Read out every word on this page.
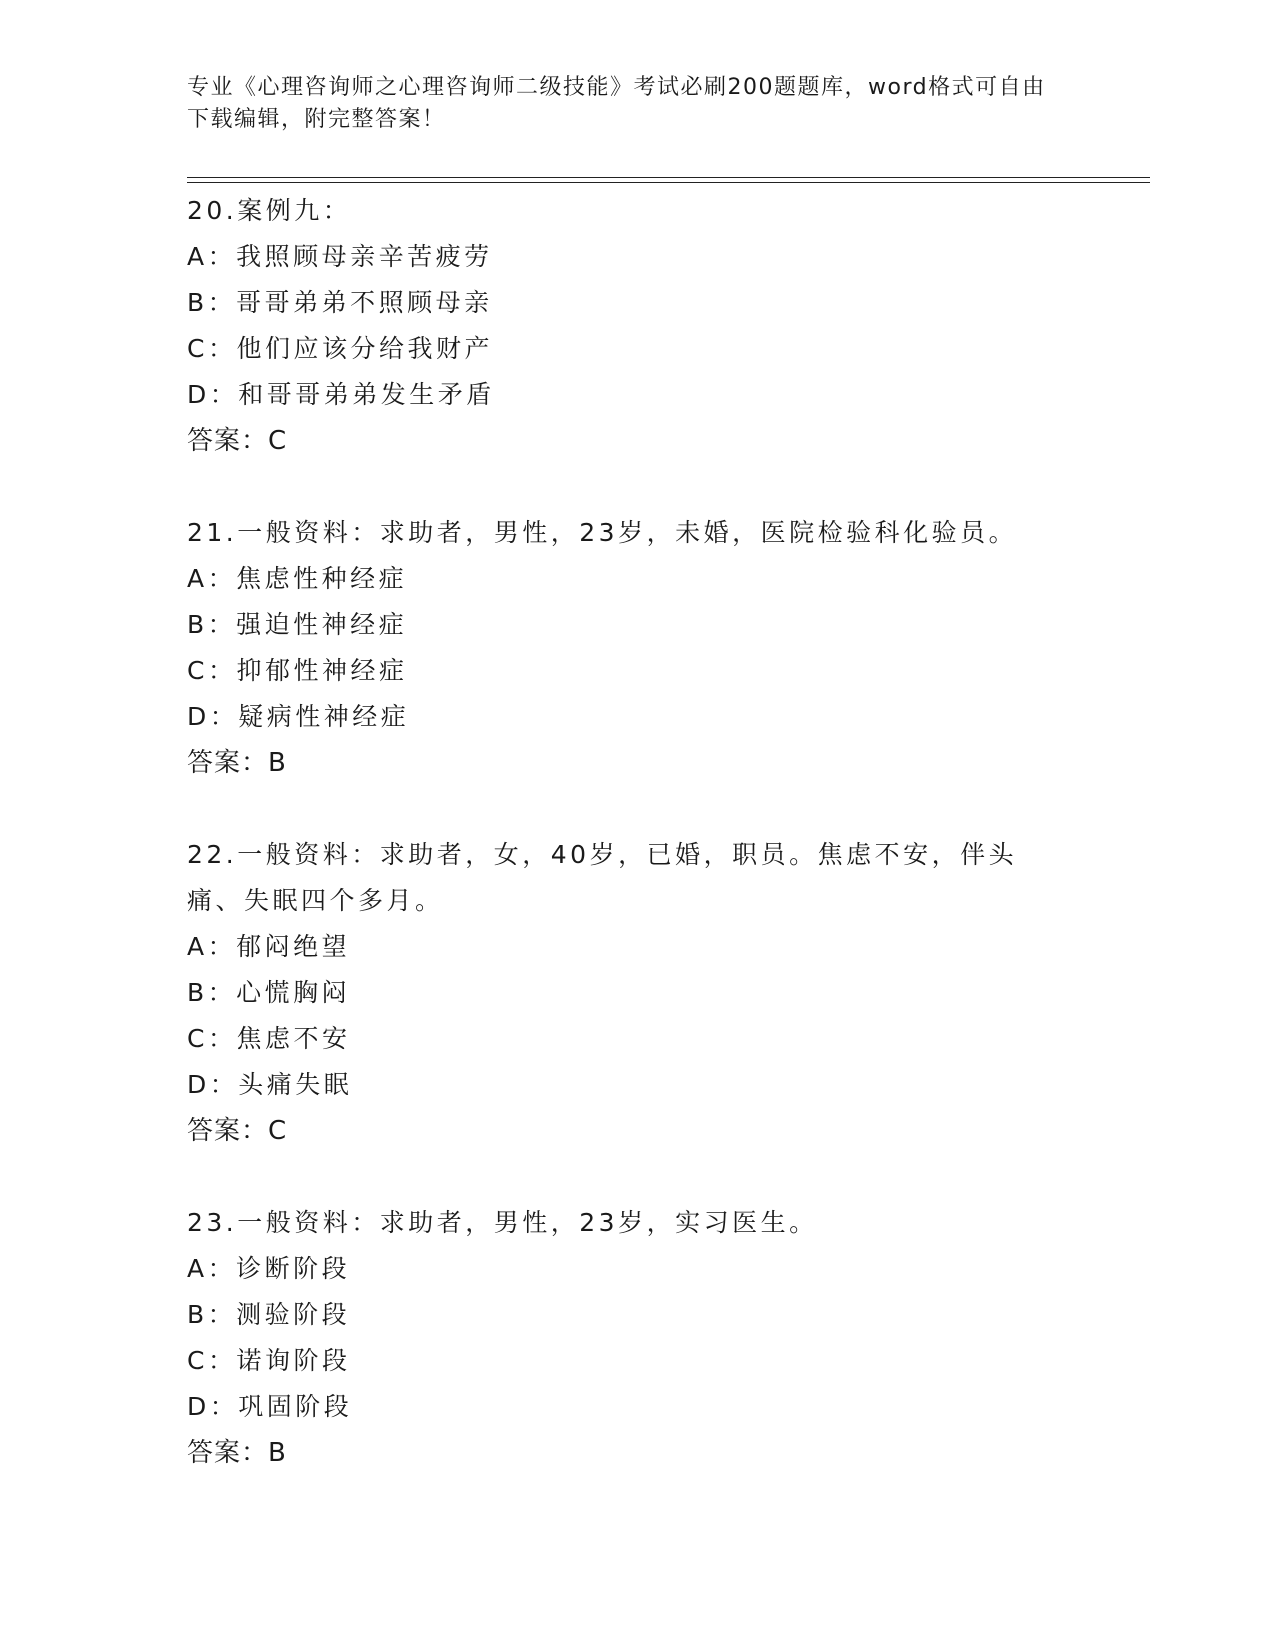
专业《心理咨询师之心理咨询师二级技能》考试必刷200题题库，word格式可自由下载编辑，附完整答案！
20.案例九：
A：我照顾母亲辛苦疲劳
B：哥哥弟弟不照顾母亲
C：他们应该分给我财产
D：和哥哥弟弟发生矛盾
答案：C
21.一般资料：求助者，男性，23岁，未婚，医院检验科化验员。
A：焦虑性种经症
B：强迫性神经症
C：抑郁性神经症
D：疑病性神经症
答案：B
22.一般资料：求助者，女，40岁，已婚，职员。焦虑不安，伴头痛、失眠四个多月。
A：郁闷绝望
B：心慌胸闷
C：焦虑不安
D：头痛失眠
答案：C
23.一般资料：求助者，男性，23岁，实习医生。
A：诊断阶段
B：测验阶段
C：诺询阶段
D：巩固阶段
答案：B
